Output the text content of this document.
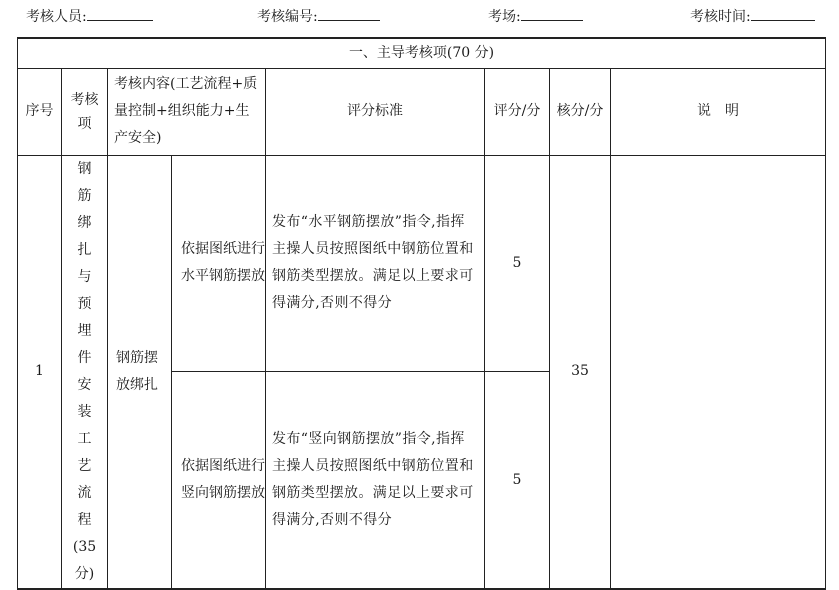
考核人员:	考核编号:	考场:	考核时间:
一、主导考核项(70 分)							
序号	考核项	考核内容(工艺流程+质量控制+组织能力+生产安全)		评分标准	评分/分	核分/分	说　明
1	钢筋绑扎与预埋件安装工艺流程(35分)	钢筋摆放绑扎	依据图纸进行水平钢筋摆放	发布“水平钢筋摆放”指令,指挥主操人员按照图纸中钢筋位置和钢筋类型摆放。满足以上要求可得满分,否则不得分	5	35	
			依据图纸进行竖向钢筋摆放	发布“竖向钢筋摆放”指令,指挥主操人员按照图纸中钢筋位置和钢筋类型摆放。满足以上要求可得满分,否则不得分	5		
